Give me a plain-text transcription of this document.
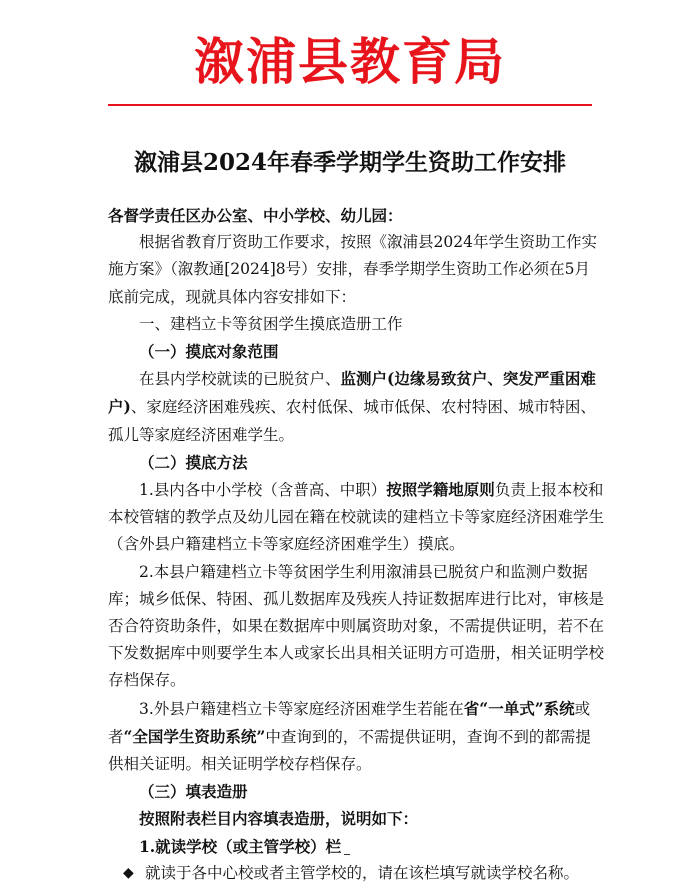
溆浦县教育局
溆浦县2024年春季学期学生资助工作安排

各督学责任区办公室、中小学校、幼儿园：

根据省教育厅资助工作要求，按照《溆浦县2024年学生资助工作实施方案》（溆教通[2024]8号）安排，春季学期学生资助工作必须在5月底前完成，现就具体内容安排如下：

一、建档立卡等贫困学生摸底造册工作

（一）摸底对象范围

在县内学校就读的已脱贫户、监测户(边缘易致贫户、突发严重困难户)、家庭经济困难残疾、农村低保、城市低保、农村特困、城市特困、孤儿等家庭经济困难学生。

（二）摸底方法

1.县内各中小学校（含普高、中职）按照学籍地原则负责上报本校和本校管辖的教学点及幼儿园在籍在校就读的建档立卡等家庭经济困难学生（含外县户籍建档立卡等家庭经济困难学生）摸底。

2.本县户籍建档立卡等贫困学生利用溆浦县已脱贫户和监测户数据库；城乡低保、特困、孤儿数据库及残疾人持证数据库进行比对，审核是否合符资助条件，如果在数据库中则属资助对象，不需提供证明，若不在下发数据库中则要学生本人或家长出具相关证明方可造册，相关证明学校存档保存。

3.外县户籍建档立卡等家庭经济困难学生若能在省“一单式”系统或者“全国学生资助系统”中查询到的，不需提供证明，查询不到的都需提供相关证明。相关证明学校存档保存。

（三）填表造册

按照附表栏目内容填表造册，说明如下：

1.就读学校（或主管学校）栏

◆ 就读于各中心校或者主管学校的，请在该栏填写就读学校名称。
